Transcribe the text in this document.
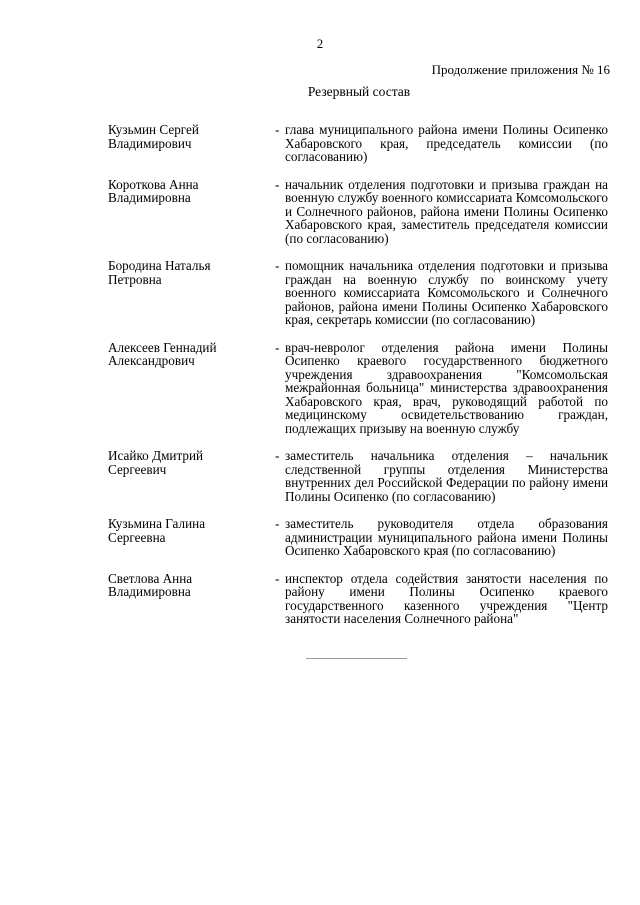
2
Продолжение приложения № 16
Резервный состав
Кузьмин Сергей
Владимирович
- глава муниципального района имени Полины Осипенко Хабаровского края, председатель комиссии (по согласованию)
Короткова Анна
Владимировна
- начальник отделения подготовки и призыва граждан на военную службу военного комиссариата Комсомольского и Солнечного районов, района имени Полины Осипенко Хабаровского края, заместитель председателя комиссии (по согласованию)
Бородина Наталья
Петровна
- помощник начальника отделения подготовки и призыва граждан на военную службу по воинскому учету военного комиссариата Комсомольского и Солнечного районов, района имени Полины Осипенко Хабаровского края, секретарь комиссии (по согласованию)
Алексеев Геннадий
Александрович
- врач-невролог отделения района имени Полины Осипенко краевого государственного бюджетного учреждения здравоохранения "Комсомольская межрайонная больница" министерства здравоохранения Хабаровского края, врач, руководящий работой по медицинскому освидетельствованию граждан, подлежащих призыву на военную службу
Исайко Дмитрий
Сергеевич
- заместитель начальника отделения – начальник следственной группы отделения Министерства внутренних дел Российской Федерации по району имени Полины Осипенко (по согласованию)
Кузьмина Галина
Сергеевна
- заместитель руководителя отдела образования администрации муниципального района имени Полины Осипенко Хабаровского края (по согласованию)
Светлова Анна
Владимировна
- инспектор отдела содействия занятости населения по району имени Полины Осипенко краевого государственного казенного учреждения "Центр занятости населения Солнечного района"
